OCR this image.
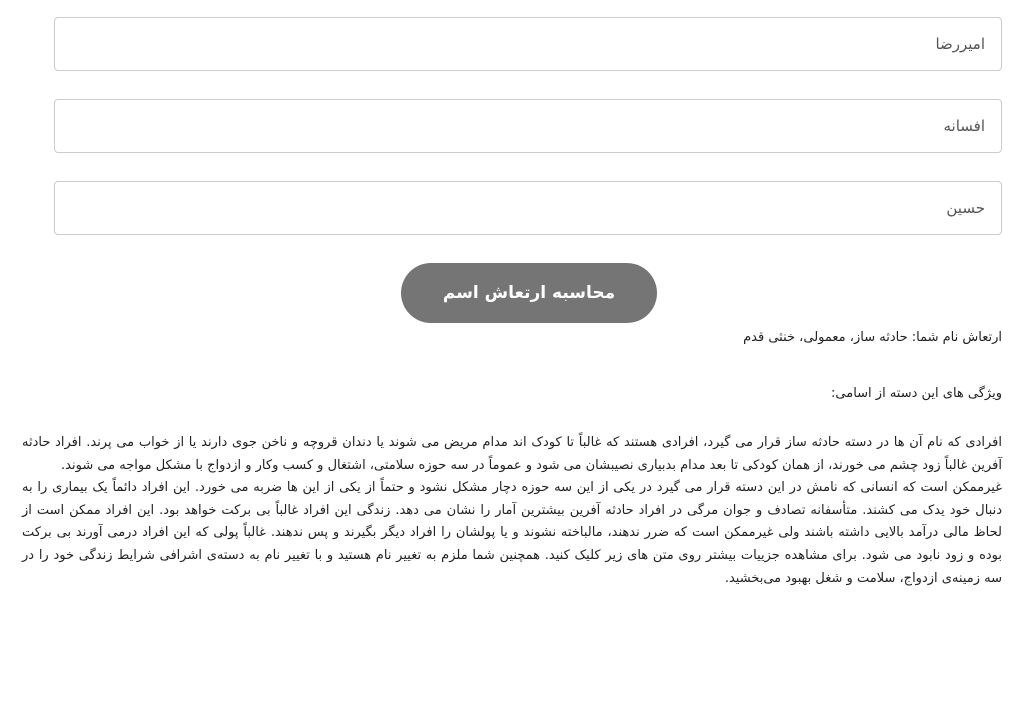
امیررضا
افسانه
حسین
محاسبه ارتعاش اسم
ارتعاش نام شما: حادثه ساز، معمولی، خنثی قدم
ویژگی های این دسته از اسامی:

افرادی که نام آن ها در دسته حادثه ساز قرار می گیرد، افرادی هستند که غالباً تا کودک اند مدام مریض می شوند یا دندان قروچه و ناخن جوی دارند یا از خواب می پرند. افراد حادثه آفرین غالباً زود چشم می خورند، از همان کودکی تا بعد مدام بدبیاری نصیبشان می شود و عموماً در سه حوزه سلامتی، اشتغال و کسب وکار و ازدواج با مشکل مواجه می شوند.

غیرممکن است که انسانی که نامش در این دسته قرار می گیرد در یکی از این سه حوزه دچار مشکل نشود و حتماً از یکی از این ها ضربه می خورد. این افراد دائماً یک بیماری را به دنبال خود یدک می کشند. متأسفانه تصادف و جوان مرگی در افراد حادثه آفرین بیشترین آمار را نشان می دهد. زندگی این افراد غالباً بی برکت خواهد بود. این افراد ممکن است از لحاظ مالی درآمد بالایی داشته باشند ولی غیرممکن است که ضرر ندهند، مالباخته نشوند و یا پولشان را افراد دیگر بگیرند و پس ندهند. غالباً پولی که این افراد درمی آورند بی برکت بوده و زود نابود می شود. برای مشاهده جزییات بیشتر روی متن های زیر کلیک کنید. همچنین شما ملزم به تغییر نام هستید و با تغییر نام به دسته‌ی اشرافی شرایط زندگی خود را در سه زمینه‌ی ازدواج، سلامت و شغل بهبود می‌بخشید.
